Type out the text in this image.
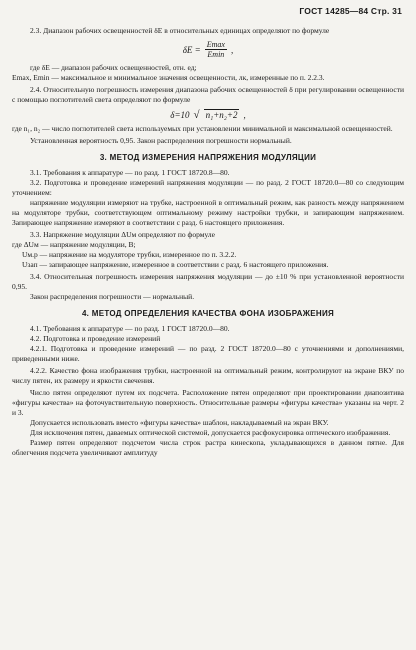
ГОСТ 14285—84 Стр. 31

2.3. Диапазон рабочих освещенностей δE в относительных единицах определяют по формуле

$\delta E = \frac{Emax}{Emin}$ ,

где δE — диапазон рабочих освещенностей, отн. ед;

Emax, Emin — максимальное и минимальное значения освещенности, лк, измеренные по п. 2.2.3.

2.4. Относительную погрешность измерения диапазона рабочих освещенностей δ при регулировании освещенности с помощью поглотителей света определяют по формуле

δ=10 √ n₁+n₂+2 ,

где n₁, n₂ — число поглотителей света используемых при установлении минимальной и максимальной освещенностей.

Установленная вероятность 0,95. Закон распределения погрешности нормальный.

3. МЕТОД ИЗМЕРЕНИЯ НАПРЯЖЕНИЯ МОДУЛЯЦИИ

3.1. Требования к аппаратуре — по разд. 1 ГОСТ 18720.8—80.

3.2. Подготовка и проведение измерений напряжения модуляции — по разд. 2 ГОСТ 18720.0—80 со следующим уточнением:

напряжение модуляции измеряют на трубке, настроенной в оптимальный режим, как разность между напряжением на модуляторе трубки, соответствующем оптимальному режиму настройки трубки, и запирающим напряжением. Запирающее напряжение измеряют в соответствии с разд. 6 настоящего приложения.

3.3. Напряжение модуляции ΔUм определяют по формуле

где ΔUм — напряжение модуляции, В;

Uм.р — напряжение на модуляторе трубки, измеренное по п. 3.2.2.

Uзап — запирающее напряжение, измеренное в соответствии с разд. 6 настоящего приложения.

3.4. Относительная погрешность измерения напряжения модуляции — до ±10 % при установленной вероятности 0,95.

Закон распределения погрешности — нормальный.

4. МЕТОД ОПРЕДЕЛЕНИЯ КАЧЕСТВА ФОНА ИЗОБРАЖЕНИЯ

4.1. Требования к аппаратуре — по разд. 1 ГОСТ 18720.0—80.

4.2. Подготовка и проведение измерений

4.2.1. Подготовка и проведение измерений — по разд. 2 ГОСТ 18720.0—80 с уточнениями и дополнениями, приведенными ниже.

4.2.2. Качество фона изображения трубки, настроенной на оптимальный режим, контролируют на экране ВКУ по числу пятен, их размеру и яркости свечения.

Число пятен определяют путем их подсчета. Расположение пятен определяют при проектировании диапозитива «фигуры качества» на фоточувствительную поверхность. Относительные размеры «фигуры качества» указаны на черт. 2 и 3.

Допускается использовать вместо «фигуры качества» шаблон, накладываемый на экран ВКУ.

Для исключения пятен, даваемых оптической системой, допускается расфокусировка оптического изображения.

Размер пятен определяют подсчетом числа строк растра кинескопа, укладывающихся в данном пятне. Для облегчения подсчета увеличивают амплитуду
